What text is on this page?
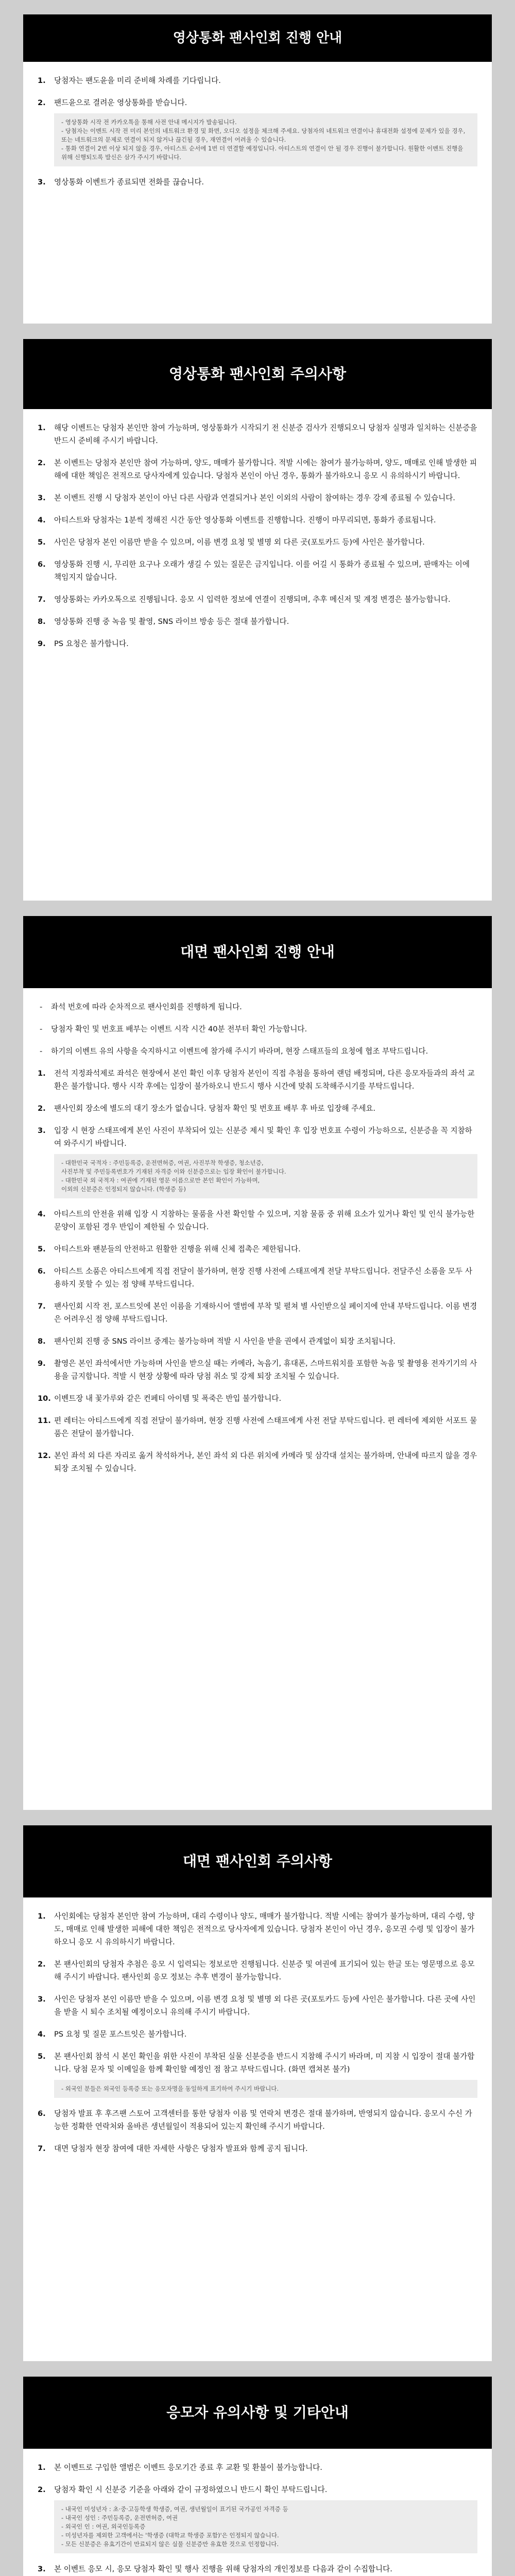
영상통화 팬사인회 진행 안내
1. 당첨자는 팬도윤을 미리 준비해 차례를 기다립니다.
2. 팬드윤으로 결려운 영상통화를 받습니다.

- 영상통화 시작 전 카카오톡을 통해 사전 안내 메시지가 발송됩니다.

- 당첨자는 이벤트 시작 전 미리 본인의 네트워크 환경 및 화면, 오디오 설정을 체크해 주세요. 당첨자의 네트워크 연결이나 휴대전화 설정에 문제가 있을 경우, 또는 네트워크의 문제로 연결이 되지 않거나 끊긴될 경우, 재연결이 어려울 수 있습니다.

- 통화 연결이 2번 이상 되지 않을 경우, 아티스트 순서에 1번 더 연결할 예정입니다. 아티스트의 연결이 안 될 경우 진행이 불가합니다. 원활한 이벤트 진행을 위해 신행되도록 발신은 삼가 주시기 바랍니다.

3. 영상통화 이벤트가 종료되면 전화를 끊습니다.
영상통화 팬사인회 주의사항
1. 해당 이벤트는 당첨자 본인만 참여 가능하며, 영상통화가 시작되기 전 신분증 검사가 진행되오니 당첨자 실명과 일치하는 신분증을 반드시 준비해 주시기 바랍니다.
2. 본 이벤트는 당첨자 본인만 참여 가능하며, 양도, 매매가 불가합니다. 적발 시에는 참여가 불가능하며, 양도, 매매로 인해 발생한 피해에 대한 책임은 전적으로 당사자에게 있습니다. 당첨자 본인이 아닌 경우, 통화가 불가하오니 응모 시 유의하시기 바랍니다.
3. 본 이벤트 진행 시 당첨자 본인이 아닌 다른 사람과 연결되거나 본인 이외의 사람이 참여하는 경우 강제 종료될 수 있습니다.
4. 아티스트와 당첨자는 1분씩 정해진 시간 동안 영상통화 이벤트를 진행합니다. 진행이 마무리되면, 통화가 종료됩니다.
5. 사인은 당첨자 본인 이름만 받을 수 있으며, 이름 변경 요청 및 별명 외 다른 곳(포토카드 등)에 사인은 불가합니다.
6. 영상통화 진행 시, 무리한 요구나 오래가 생길 수 있는 질문은 금지입니다. 이를 어길 시 통화가 종료될 수 있으며, 판매자는 이에 책임지지 않습니다.
7. 영상통화는 카카오톡으로 진행됩니다. 응모 시 입력한 정보에 연결이 진행되며, 추후 메신저 및 계정 변경은 불가능합니다.
8. 영상통화 진행 중 녹음 및 촬영, SNS 라이브 방송 등은 절대 불가합니다.
9. PS 요청은 불가합니다.
대면 팬사인회 진행 안내
- 좌석 번호에 따라 순차적으로 팬사인회를 진행하게 됩니다.
- 당첨자 확인 및 번호표 배부는 이벤트 시작 시간 40분 전부터 확인 가능합니다.
- 하기의 이벤트 유의 사항을 숙지하시고 이벤트에 참가해 주시기 바라며, 현장 스태프들의 요청에 협조 부탁드립니다.
1. 전석 지정좌석제로 좌석은 현장에서 본인 확인 이후 당첨자 본인이 직접 추첨을 통하여 랜덤 배정되며, 다른 응모자들과의 좌석 교환은 불가합니다. 행사 시작 후에는 입장이 불가하오니 반드시 행사 시간에 맞춰 도착해주시기를 부탁드립니다.
2. 팬사인회 장소에 별도의 대기 장소가 없습니다. 당첨자 확인 및 번호표 배부 후 바로 입장해 주세요.
3. 입장 시 현장 스태프에게 본인 사진이 부착되어 있는 신분증 제시 및 확인 후 입장 번호표 수령이 가능하으로, 신분증을 꼭 지참하여 와주시기 바랍니다.

- 대한민국 국적자 : 주민등록증, 운전면허증, 여권, 사진부착 학생증, 청소년증,

사진부착 및 주민등록번호가 기재된 자격증 이와 신분증으로는 입장 확인이 불가합니다.

- 대한민국 외 국적자 : 여권에 기재된 영문 이름으로만 본인 확인이 가능하며,

이외의 신분증은 인정되지 않습니다. (학생증 등)

4. 아티스트의 안전을 위해 입장 시 지참하는 물품을 사전 확인할 수 있으며, 지참 물품 중 위해 요소가 있거나 확인 및 인식 불가능한 문양이 포함된 경우 반입이 제한될 수 있습니다.
5. 아티스트와 팬분들의 안전하고 원활한 진행을 위해 신체 접촉은 제한됩니다.
6. 아티스트 소품은 아티스트에게 직접 전달이 불가하며, 현장 진행 사전에 스태프에게 전달 부탁드립니다. 전달주신 소품을 모두 사용하지 못할 수 있는 점 양해 부탁드립니다.
7. 팬사인회 시작 전, 포스트잇에 본인 이름을 기재하시어 앨범에 부착 및 펼쳐 별 사인받으실 페이지에 안내 부탁드립니다. 이름 변경은 어려우신 점 양해 부탁드립니다.
8. 팬사인회 진행 중 SNS 라이브 중계는 불가능하며 적발 시 사인을 받을 권에서 관계없이 퇴장 조치됩니다.
9. 촬영은 본인 좌석에서만 가능하며 사인을 받으실 때는 카메라, 녹음기, 휴대폰, 스마트워치를 포함한 녹음 및 촬영용 전자기기의 사용을 금지합니다. 적발 시 현장 상황에 따라 당첨 취소 및 강제 퇴장 조치될 수 있습니다.
10. 이벤트장 내 꽃가루와 같은 컨페티 아이템 및 폭죽은 반입 불가합니다.
11. 편 레터는 아티스트에게 직접 전달이 불가하며, 현장 진행 사전에 스태프에게 사전 전달 부탁드립니다. 편 레터에 제외한 서포트 물품은 전달이 불가합니다.
12. 본인 좌석 외 다른 자리로 옮겨 착석하거나, 본인 좌석 외 다른 위치에 카메라 및 삼각대 설치는 불가하며, 안내에 따르지 않을 경우 퇴장 조치될 수 있습니다.
대면 팬사인회 주의사항
1. 사인회에는 당첨자 본인만 참여 가능하며, 대리 수령이나 양도, 매매가 불가합니다. 적발 시에는 참여가 불가능하며, 대리 수령, 양도, 매매로 인해 발생한 피해에 대한 책임은 전적으로 당사자에게 있습니다. 당첨자 본인이 아닌 경우, 응모권 수령 및 입장이 불가하오니 응모 시 유의하시기 바랍니다.
2. 본 팬사인회의 당첨자 추첨은 응모 시 입력되는 정보로만 진행됩니다. 신분증 및 여권에 표기되어 있는 한글 또는 영문명으로 응모해 주시기 바랍니다. 팬사인회 응모 정보는 추후 변경이 불가능합니다.
3. 사인은 당첨자 본인 이름만 받을 수 있으며, 이름 변경 요청 및 별명 외 다른 곳(포토카드 등)에 사인은 불가합니다. 다른 곳에 사인을 받을 시 퇴수 조치될 예정이오니 유의해 주시기 바랍니다.
4. PS 요청 및 질문 포스트잇은 불가합니다.
5. 본 팬사인회 참석 시 본인 확인을 위한 사진이 부착된 실물 신분증을 반드시 지참해 주시기 바라며, 미 지참 시 입장이 절대 불가합니다. 당첨 문자 및 이메일을 함께 확인할 예정인 점 참고 부탁드립니다. (화면 캡쳐본 불가)

- 외국인 분들은 외국인 등록증 또는 응모자명을 동일하게 표기하여 주시기 바랍니다.

6. 당첨자 발표 후 후즈팬 스토어 고객센터를 통한 당첨자 이름 및 연락처 변경은 절대 불가하며, 반영되지 않습니다. 응모시 수신 가능한 정확한 연락처와 올바른 생년월일이 적용되어 있는지 확인해 주시기 바랍니다.
7. 대면 당첨자 현장 참여에 대한 자세한 사항은 당첨자 발표와 함께 공지 됩니다.
응모자 유의사항 및 기타안내
1. 본 이벤트로 구입한 앨범은 이벤트 응모기간 종료 후 교환 및 환불이 불가능합니다.
2. 당첨자 확인 시 신분증 기준을 아래와 같이 규정하였으니 반드시 확인 부탁드립니다.

- 내국인 미성년자 : 초·중·고등학생 학생증, 여권, 생년월일이 표기된 국가공인 자격증 등

- 내국인 성인 : 주민등록증, 운전면허증, 여권

- 외국인 인 : 여권, 외국인등록증

- 미성년자를 제외한 고객에서는 '학생증 (대학교 학생증 포함)'은 인정되지 않습니다.

- 모든 신분증은 유효기간이 만료되지 않은 실물 신분증만 유효한 것으로 인정합니다.

3. 본 이벤트 응모 시, 응모 당첨자 확인 및 행사 진행을 위해 당첨자의 개인정보를 다음과 같이 수집합니다.
